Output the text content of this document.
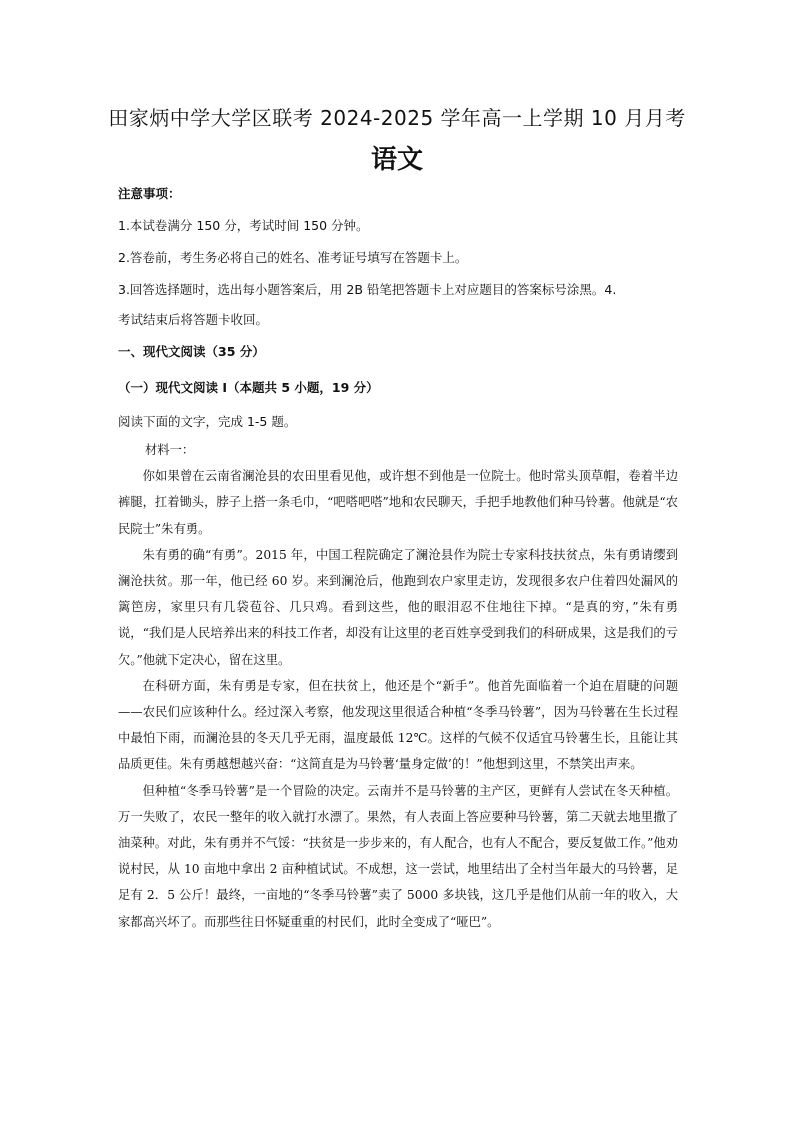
田家炳中学大学区联考 2024-2025 学年高一上学期 10 月月考
语文
注意事项：
1.本试卷满分 150 分，考试时间 150 分钟。
2.答卷前，考生务必将自己的姓名、准考证号填写在答题卡上。
3.回答选择题时，选出每小题答案后，用 2B 铅笔把答题卡上对应题目的答案标号涂黑。4.
考试结束后将答题卡收回。
一、现代文阅读（35 分）
（一）现代文阅读 I（本题共 5 小题，19 分）
阅读下面的文字，完成 1-5 题。
材料一：

你如果曾在云南省澜沧县的农田里看见他，或许想不到他是一位院士。他时常头顶草帽，卷着半边裤腿，扛着锄头，脖子上搭一条毛巾，“吧嗒吧嗒”地和农民聊天，手把手地教他们种马铃薯。他就是“农民院士”朱有勇。

朱有勇的确“有勇”。2015 年，中国工程院确定了澜沧县作为院士专家科技扶贫点，朱有勇请缨到澜沧扶贫。那一年，他已经 60 岁。来到澜沧后，他跑到农户家里走访，发现很多农户住着四处漏风的篱笆房，家里只有几袋苞谷、几只鸡。看到这些，他的眼泪忍不住地往下掉。“是真的穷，”朱有勇说，“我们是人民培养出来的科技工作者，却没有让这里的老百姓享受到我们的科研成果，这是我们的亏欠。”他就下定决心，留在这里。

在科研方面，朱有勇是专家，但在扶贫上，他还是个“新手”。他首先面临着一个迫在眉睫的问题——农民们应该种什么。经过深入考察，他发现这里很适合种植“冬季马铃薯”，因为马铃薯在生长过程中最怕下雨，而澜沧县的冬天几乎无雨，温度最低 12℃。这样的气候不仅适宜马铃薯生长，且能让其品质更佳。朱有勇越想越兴奋：“这简直是为马铃薯‘量身定做’的！”他想到这里，不禁笑出声来。

但种植“冬季马铃薯”是一个冒险的决定。云南并不是马铃薯的主产区，更鲜有人尝试在冬天种植。万一失败了，农民一整年的收入就打水漂了。果然，有人表面上答应要种马铃薯，第二天就去地里撒了油菜种。对此，朱有勇并不气馁：“扶贫是一步步来的，有人配合，也有人不配合，要反复做工作。”他劝说村民，从 10 亩地中拿出 2 亩种植试试。不成想，这一尝试，地里结出了全村当年最大的马铃薯，足足有 2．5 公斤！最终，一亩地的“冬季马铃薯”卖了 5000 多块钱，这几乎是他们从前一年的收入，大家都高兴坏了。而那些往日怀疑重重的村民们，此时全变成了“哑巴”。
